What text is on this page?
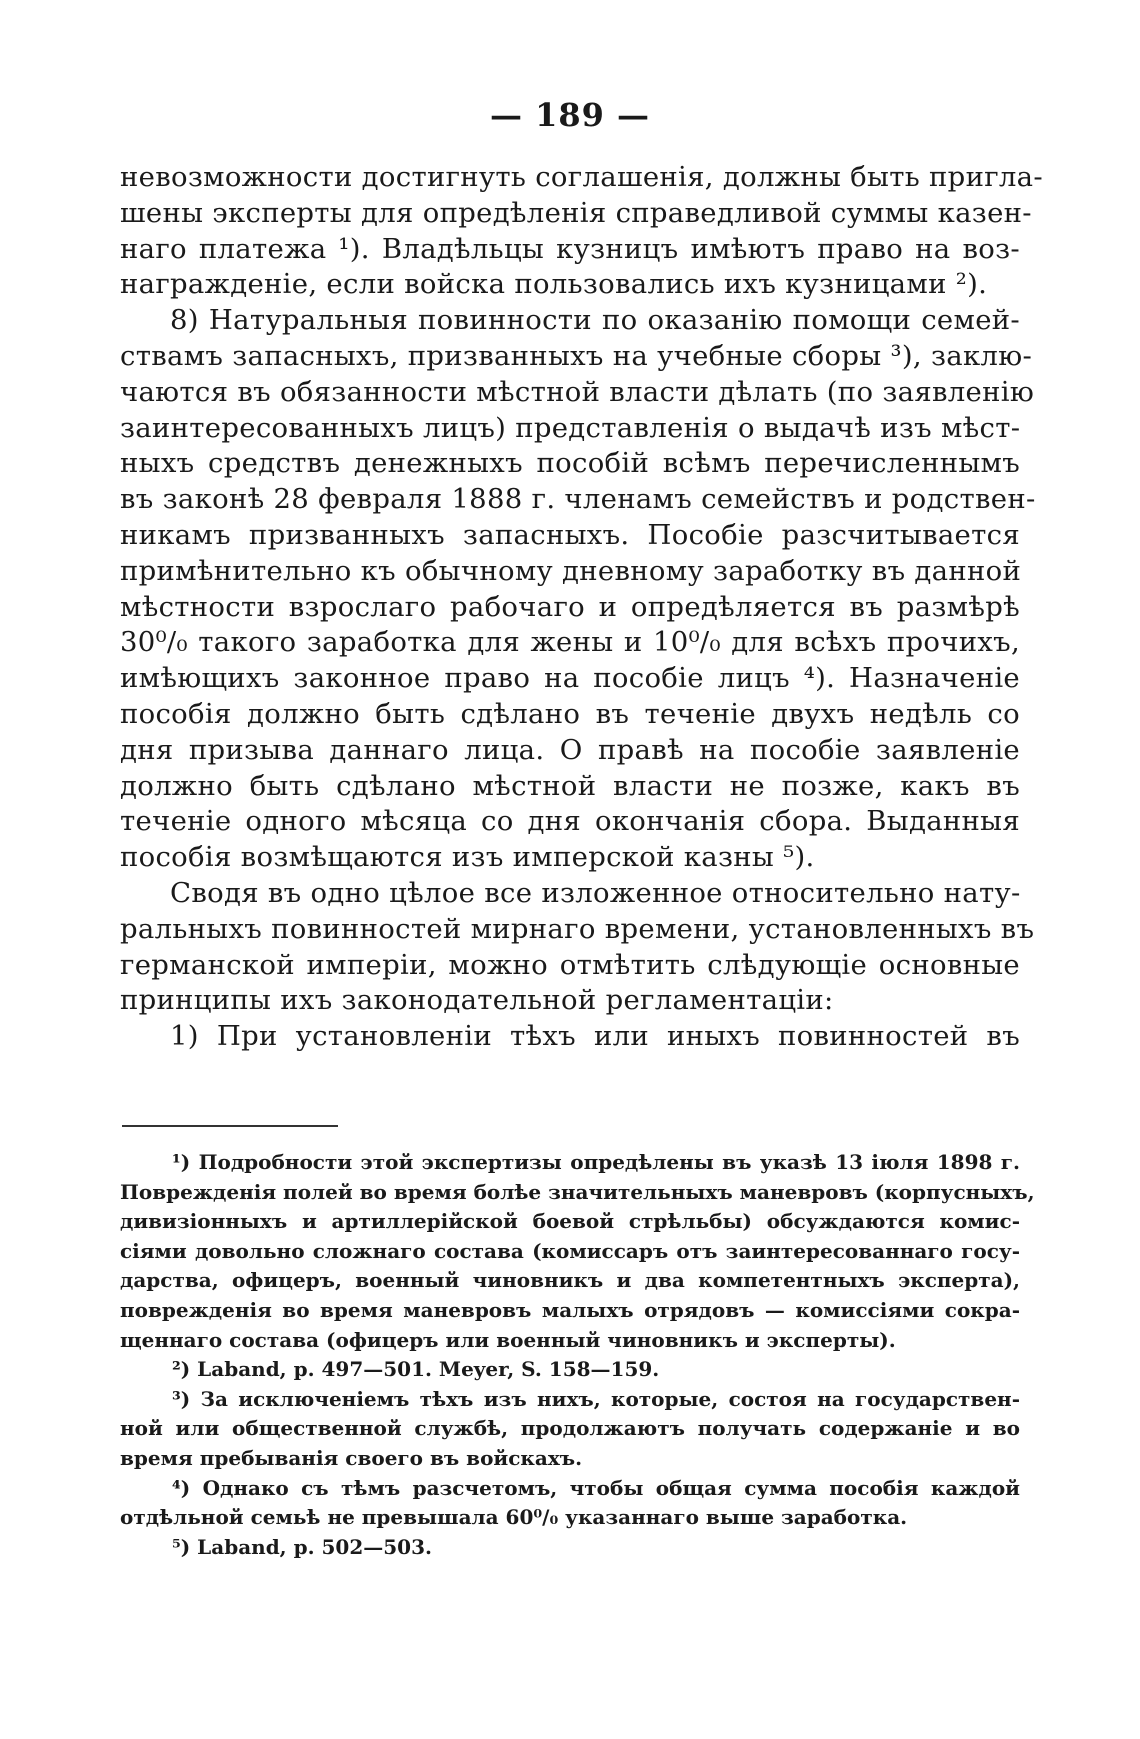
— 189 —
невозможности достигнуть соглашенія, должны быть пригла-
шены эксперты для опредѣленія справедливой суммы казен-
наго платежа ¹). Владѣльцы кузницъ имѣютъ право на воз-
награжденіе, если войска пользовались ихъ кузницами ²).
8) Натуральныя повинности по оказанію помощи семей-
ствамъ запасныхъ, призванныхъ на учебные сборы ³), заклю-
чаются въ обязанности мѣстной власти дѣлать (по заявленію
заинтересованныхъ лицъ) представленія о выдачѣ изъ мѣст-
ныхъ средствъ денежныхъ пособій всѣмъ перечисленнымъ
въ законѣ 28 февраля 1888 г. членамъ семействъ и родствен-
никамъ призванныхъ запасныхъ. Пособіе разсчитывается
примѣнительно къ обычному дневному заработку въ данной
мѣстности взрослаго рабочаго и опредѣляется въ размѣрѣ
30⁰/₀ такого заработка для жены и 10⁰/₀ для всѣхъ прочихъ,
имѣющихъ законное право на пособіе лицъ ⁴). Назначеніе
пособія должно быть сдѣлано въ теченіе двухъ недѣль со
дня призыва даннаго лица. О правѣ на пособіе заявленіе
должно быть сдѣлано мѣстной власти не позже, какъ въ
теченіе одного мѣсяца со дня окончанія сбора. Выданныя
пособія возмѣщаются изъ имперской казны ⁵).
Сводя въ одно цѣлое все изложенное относительно нату-
ральныхъ повинностей мирнаго времени, установленныхъ въ
германской имперіи, можно отмѣтить слѣдующіе основные
принципы ихъ законодательной регламентаціи:
1) При установленіи тѣхъ или иныхъ повинностей въ
¹) Подробности этой экспертизы опредѣлены въ указѣ 13 іюля 1898 г.
Поврежденія полей во время болѣе значительныхъ маневровъ (корпусныхъ,
дивизіонныхъ и артиллерійской боевой стрѣльбы) обсуждаются комис-
сіями довольно сложнаго состава (комиссаръ отъ заинтересованнаго госу-
дарства, офицеръ, военный чиновникъ и два компетентныхъ эксперта),
поврежденія во время маневровъ малыхъ отрядовъ — комиссіями сокра-
щеннаго состава (офицеръ или военный чиновникъ и эксперты).
²) Laband, p. 497—501. Meyer, S. 158—159.
³) За исключеніемъ тѣхъ изъ нихъ, которые, состоя на государствен-
ной или общественной службѣ, продолжаютъ получать содержаніе и во
время пребыванія своего въ войскахъ.
⁴) Однако съ тѣмъ разсчетомъ, чтобы общая сумма пособія каждой
отдѣльной семьѣ не превышала 60⁰/₀ указаннаго выше заработка.
⁵) Laband, p. 502—503.
